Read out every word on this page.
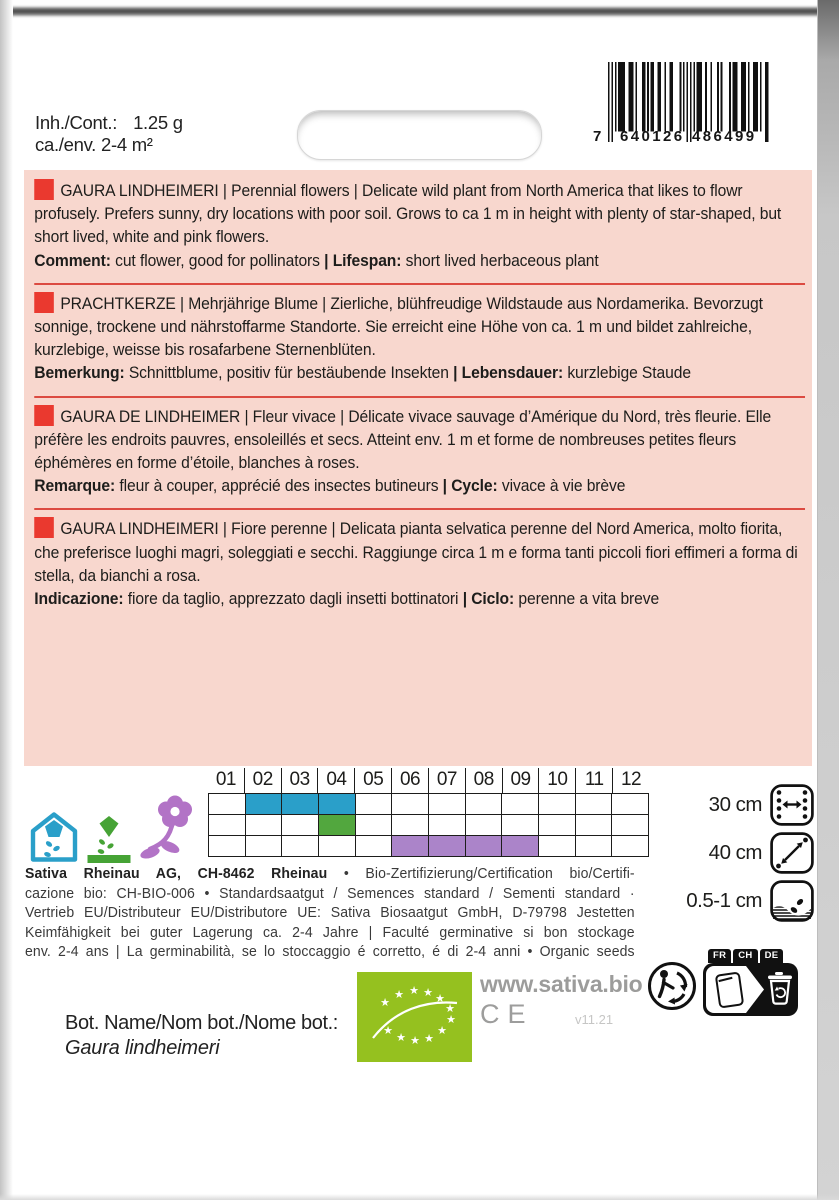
Inh./Cont.: 1.25 g
ca./env. 2-4 m²	7 640126 486499

GAURA LINDHEIMERI | Perennial flowers | Delicate wild plant from North America that likes to flowr profusely. Prefers sunny, dry locations with poor soil. Grows to ca 1 m in height with plenty of star-shaped, but short lived, white and pink flowers.

Comment: cut flower, good for pollinators | Lifespan: short lived herbaceous plant

PRACHTKERZE | Mehrjährige Blume | Zierliche, blühfreudige Wildstaude aus Nordamerika. Bevorzugt sonnige, trockene und nährstoffarme Standorte. Sie erreicht eine Höhe von ca. 1 m und bildet zahlreiche, kurzlebige, weisse bis rosafarbene Sternenblüten.

Bemerkung: Schnittblume, positiv für bestäubende Insekten | Lebensdauer: kurzlebige Staude

GAURA DE LINDHEIMER | Fleur vivace | Délicate vivace sauvage d’Amérique du Nord, très fleurie. Elle préfère les endroits pauvres, ensoleillés et secs. Atteint env. 1 m et forme de nombreuses petites fleurs éphémères en forme d’étoile, blanches à roses.

Remarque: fleur à couper, apprécié des insectes butineurs | Cycle: vivace à vie brève

GAURA LINDHEIMERI | Fiore perenne | Delicata pianta selvatica perenne del Nord America, molto fiorita, che preferisce luoghi magri, soleggiati e secchi. Raggiunge circa 1 m e forma tanti piccoli fiori effimeri a forma di stella, da bianchi a rosa.

Indicazione: fiore da taglio, apprezzato dagli insetti bottinatori | Ciclo: perenne a vita breve

01 02 03 04 05 06 07 08 09 10 11 12
30 cm
40 cm
0.5-1 cm
Sativa Rheinau AG, CH-8462 Rheinau • Bio-Zertifizierung/Certification bio/Certifi-
cazione bio: CH-BIO-006 • Standardsaatgut / Semences standard / Sementi standard ·
Vertrieb EU/Distributeur EU/Distributore UE: Sativa Biosaatgut GmbH, D-79798 Jestetten
Keimfähigkeit bei guter Lagerung ca. 2-4 Jahre | Faculté germinative si bon stockage
env. 2-4 ans | La germinabilità, se lo stoccaggio é corretto, é di 2-4 anni • Organic seeds
Bot. Name/Nom bot./Nome bot.:
Gaura lindheimeri
★
★ ★ ★ ★
★
★
★ ★ ★
★
★
www.sativa.bio
CE	v11.21
FR	CH	DE
